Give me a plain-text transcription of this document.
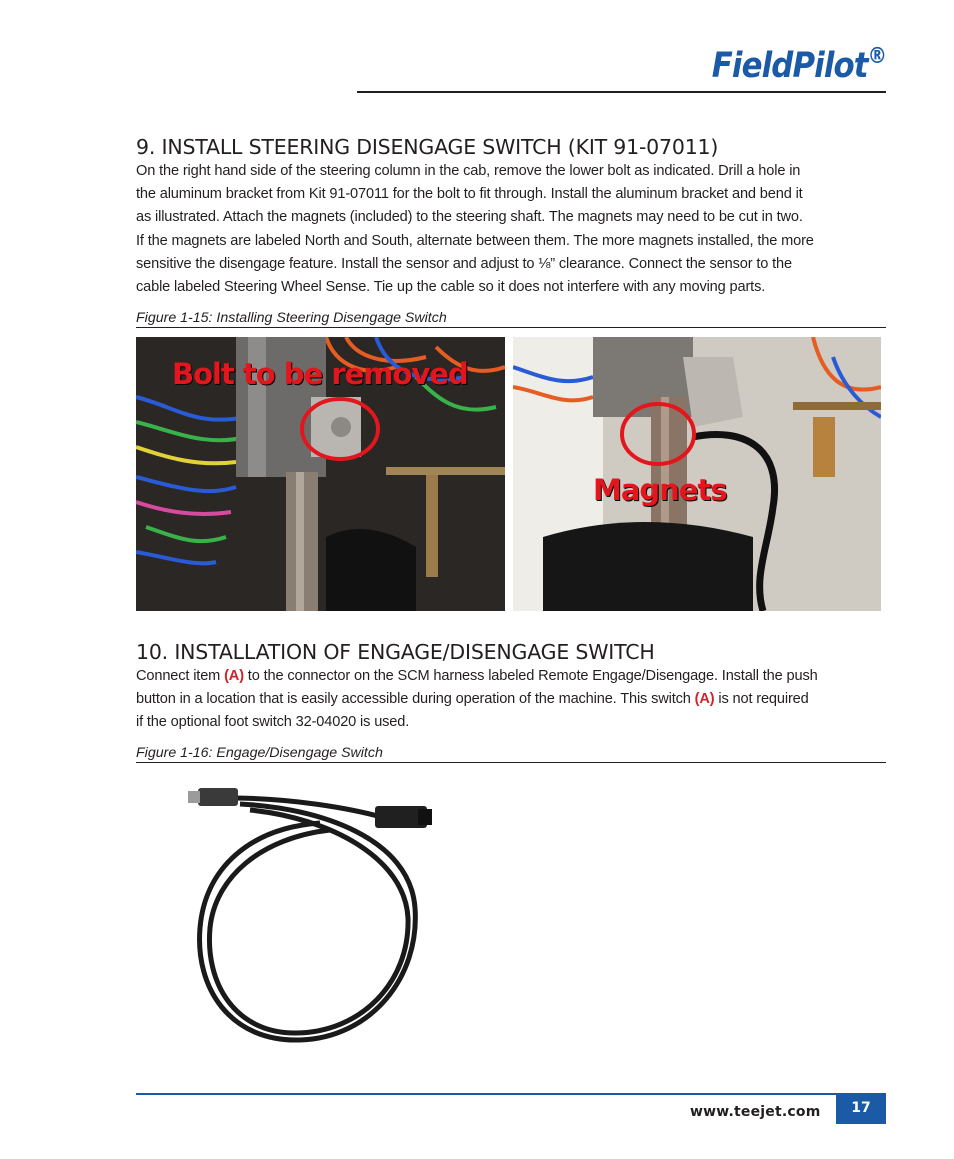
FieldPilot®
9. INSTALL STEERING DISENGAGE SWITCH (KIT 91-07011)
On the right hand side of the steering column in the cab, remove the lower bolt as indicated. Drill a hole in
the aluminum bracket from Kit 91-07011 for the bolt to fit through. Install the aluminum bracket and bend it
as illustrated. Attach the magnets (included) to the steering shaft. The magnets may need to be cut in two.
If the magnets are labeled North and South, alternate between them. The more magnets installed, the more
sensitive the disengage feature. Install the sensor and adjust to ⅛” clearance. Connect the sensor to the
cable labeled Steering Wheel Sense. Tie up the cable so it does not interfere with any moving parts.
Figure 1-15: Installing Steering Disengage Switch
Bolt to be removed
Magnets
10. INSTALLATION OF ENGAGE/DISENGAGE SWITCH
Connect item (A) to the connector on the SCM harness labeled Remote Engage/Disengage. Install the push
button in a location that is easily accessible during operation of the machine. This switch (A) is not required
if the optional foot switch 32-04020 is used.
Figure 1-16: Engage/Disengage Switch
www.teejet.com	17
